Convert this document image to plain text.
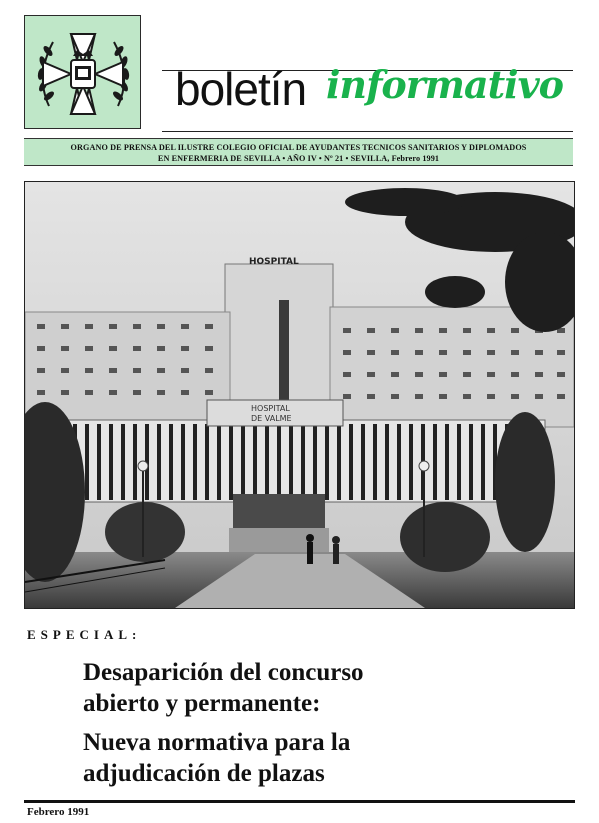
boletín informativo
ORGANO DE PRENSA DEL ILUSTRE COLEGIO OFICIAL DE AYUDANTES TECNICOS SANITARIOS Y DIPLOMADOS
EN ENFERMERIA DE SEVILLA • AÑO IV • Nº 21 • SEVILLA, Febrero 1991
HOSPITAL
HOSPITAL
DE VALME
ESPECIAL:
Desaparición del concurso
abierto y permanente:
Nueva normativa para la
adjudicación de plazas
Febrero 1991
